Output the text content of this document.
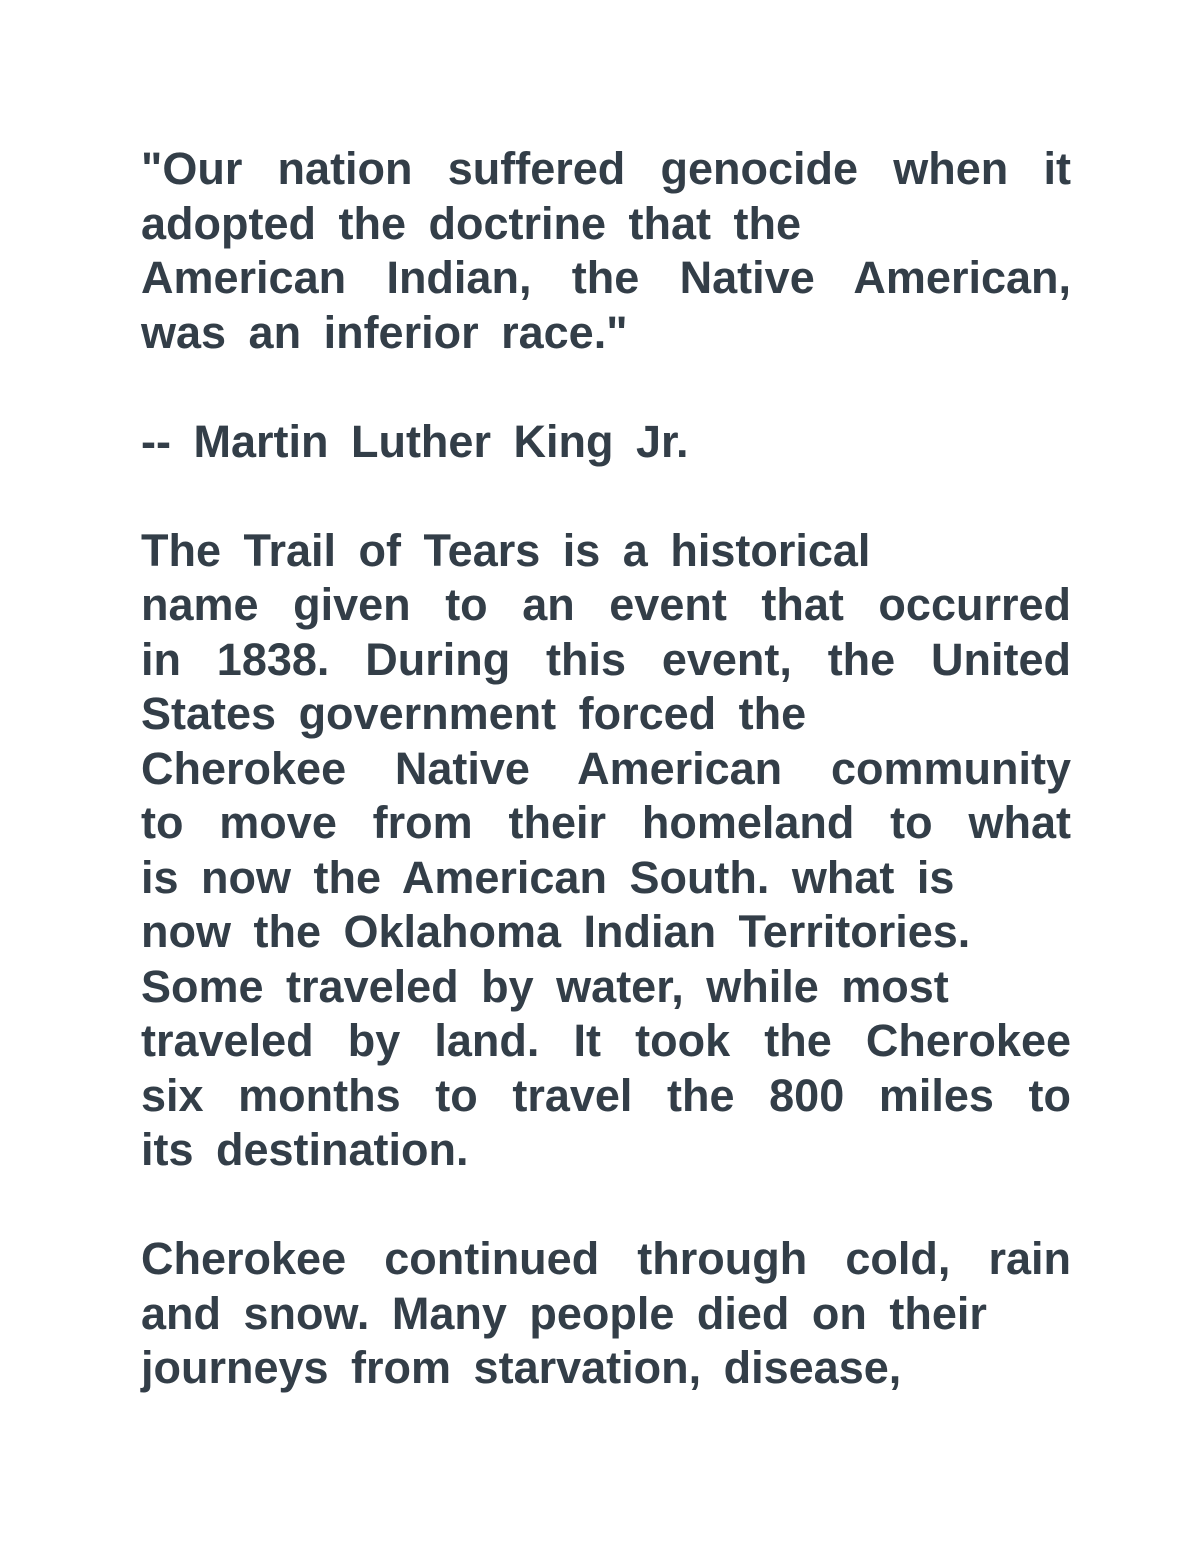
"Our nation suffered genocide when it
adopted the doctrine that the
American Indian, the Native American,
was an inferior race."
-- Martin Luther King Jr.
The Trail of Tears is a historical
name given to an event that occurred
in 1838. During this event, the United
States government forced the
Cherokee Native American community
to move from their homeland to what
is now the American South. what is
now the Oklahoma Indian Territories.
Some traveled by water, while most
traveled by land. It took the Cherokee
six months to travel the 800 miles to
its destination.
Cherokee continued through cold, rain
and snow. Many people died on their
journeys from starvation, disease,
